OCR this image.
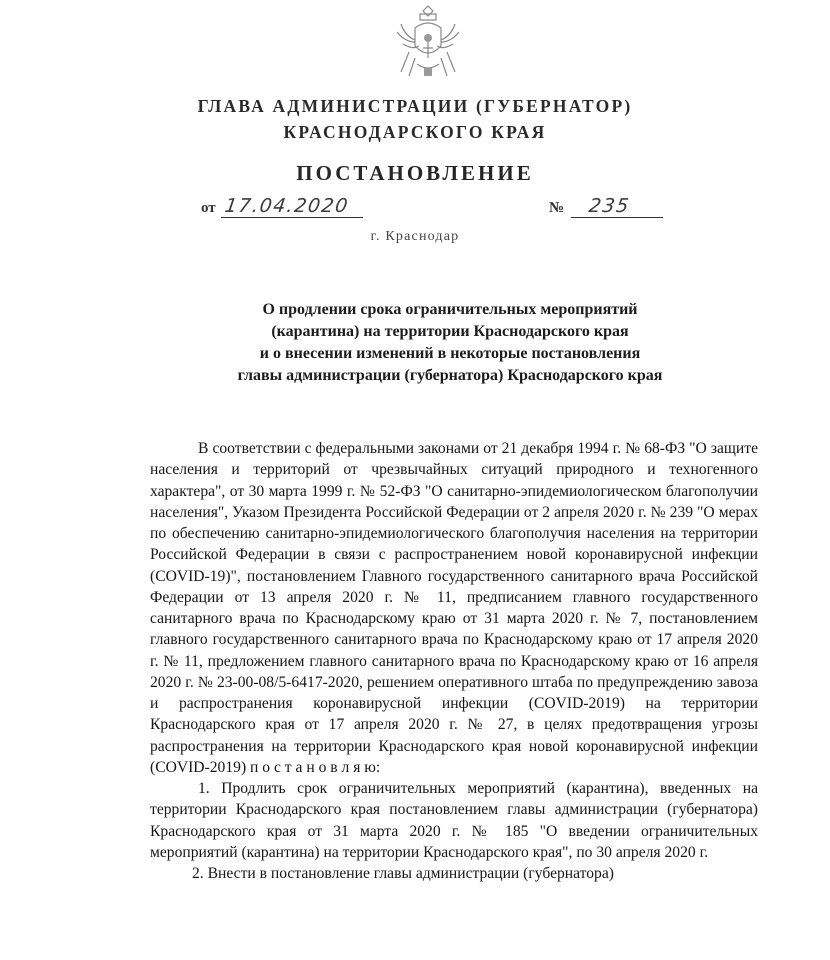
ГЛАВА АДМИНИСТРАЦИИ (ГУБЕРНАТОР)
КРАСНОДАРСКОГО КРАЯ
ПОСТАНОВЛЕНИЕ
от 17.04.2020	№ 235
г. Краснодар
О продлении срока ограничительных мероприятий
(карантина) на территории Краснодарского края
и о внесении изменений в некоторые постановления
главы администрации (губернатора) Краснодарского края

В соответствии с федеральными законами от 21 декабря 1994 г. № 68-ФЗ "О защите населения и территорий от чрезвычайных ситуаций природного и техногенного характера", от 30 марта 1999 г. № 52-ФЗ "О санитарно-эпидемиологическом благополучии населения", Указом Президента Российской Федерации от 2 апреля 2020 г. № 239 "О мерах по обеспечению санитарно-эпидемиологического благополучия населения на территории Российской Федерации в связи с распространением новой коронавирусной инфекции (COVID-19)", постановлением Главного государственного санитарного врача Российской Федерации от 13 апреля 2020 г. № 11, предписанием главного государственного санитарного врача по Краснодарскому краю от 31 марта 2020 г. № 7, постановлением главного государственного санитарного врача по Краснодарскому краю от 17 апреля 2020 г. № 11, предложением главного санитарного врача по Краснодарскому краю от 16 апреля 2020 г. № 23-00-08/5-6417-2020, решением оперативного штаба по предупреждению завоза и распространения коронавирусной инфекции (COVID-2019) на территории Краснодарского края от 17 апреля 2020 г. № 27, в целях предотвращения угрозы распространения на территории Краснодарского края новой коронавирусной инфекции (COVID-2019) п о с т а н о в л я ю:

1. Продлить срок ограничительных мероприятий (карантина), введенных на территории Краснодарского края постановлением главы администрации (губернатора) Краснодарского края от 31 марта 2020 г. № 185 "О введении ограничительных мероприятий (карантина) на территории Краснодарского края", по 30 апреля 2020 г.

2. Внести в постановление главы администрации (губернатора)
